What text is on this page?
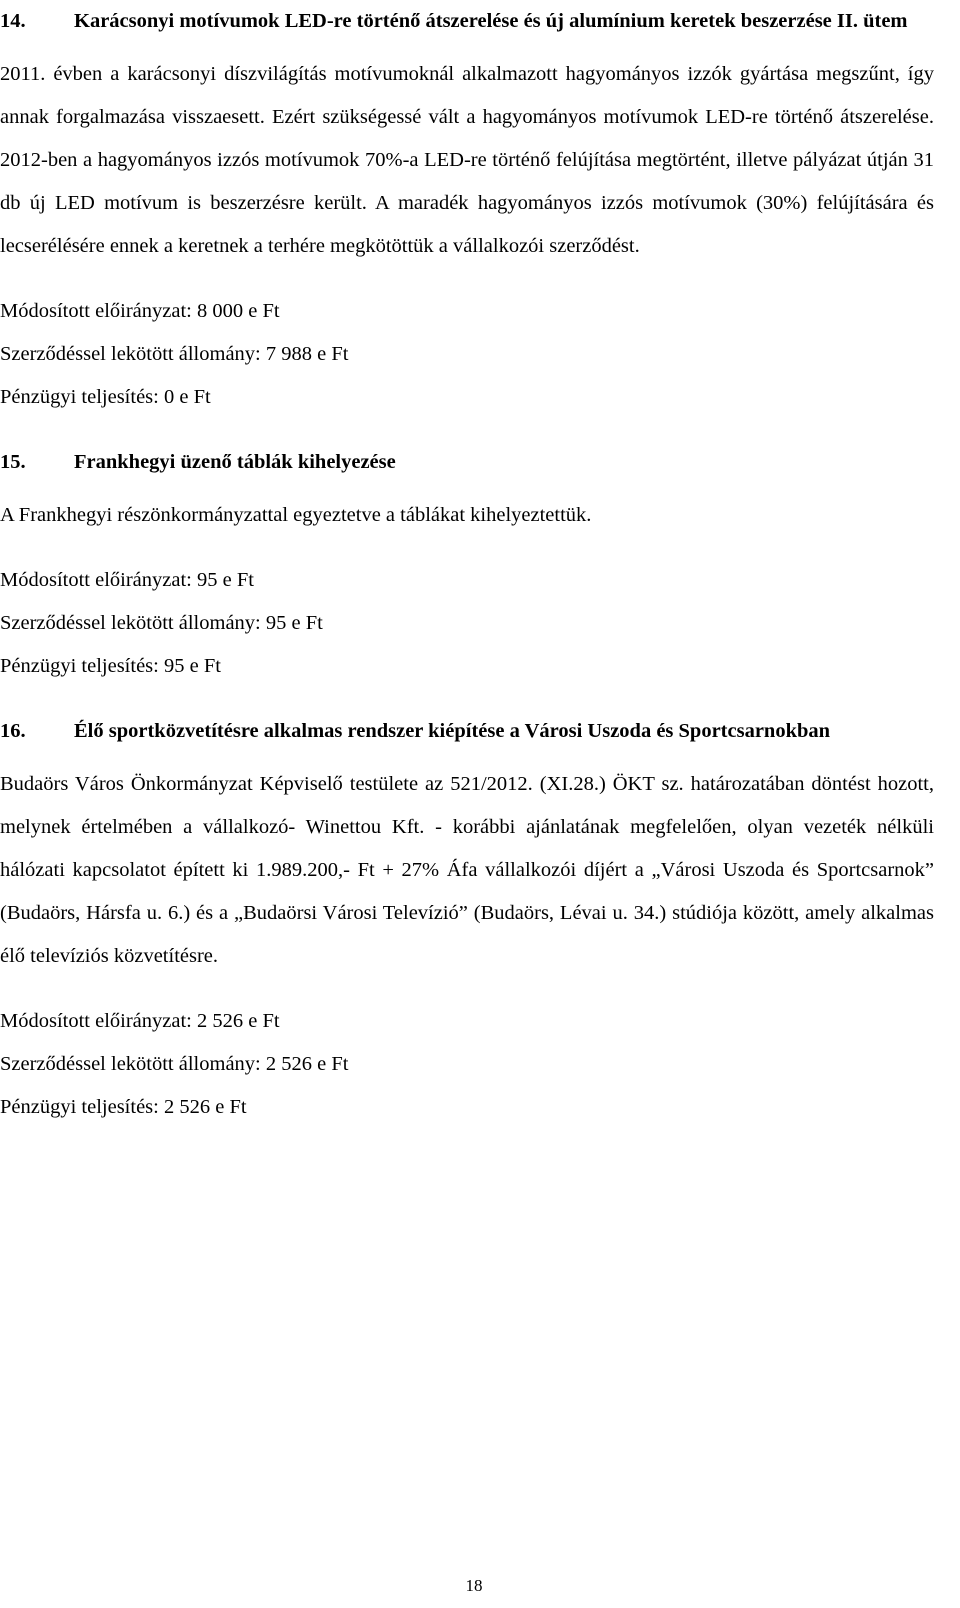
14.	Karácsonyi motívumok LED-re történő átszerelése és új alumínium keretek beszerzése II. ütem

2011. évben a karácsonyi díszvilágítás motívumoknál alkalmazott hagyományos izzók gyártása megszűnt, így annak forgalmazása visszaesett. Ezért szükségessé vált a hagyományos motívumok LED-re történő átszerelése. 2012-ben a hagyományos izzós motívumok 70%-a LED-re történő felújítása megtörtént, illetve pályázat útján 31 db új LED motívum is beszerzésre került. A maradék hagyományos izzós motívumok (30%) felújítására és lecserélésére ennek a keretnek a terhére megkötöttük a vállalkozói szerződést.

Módosított előirányzat: 8 000 e Ft

Szerződéssel lekötött állomány: 7 988 e Ft

Pénzügyi teljesítés: 0 e Ft

15.	Frankhegyi üzenő táblák kihelyezése

A Frankhegyi részönkormányzattal egyeztetve a táblákat kihelyeztettük.

Módosított előirányzat: 95 e Ft

Szerződéssel lekötött állomány: 95 e Ft

Pénzügyi teljesítés: 95 e Ft

16.	Élő sportközvetítésre alkalmas rendszer kiépítése a Városi Uszoda és Sportcsarnokban

Budaörs Város Önkormányzat Képviselő testülete az 521/2012. (XI.28.) ÖKT sz. határozatában döntést hozott, melynek értelmében a vállalkozó- Winettou Kft. - korábbi ajánlatának megfelelően, olyan vezeték nélküli hálózati kapcsolatot épített ki 1.989.200,- Ft + 27% Áfa vállalkozói díjért a „Városi Uszoda és Sportcsarnok” (Budaörs, Hársfa u. 6.) és a „Budaörsi Városi Televízió” (Budaörs, Lévai u. 34.) stúdiója között, amely alkalmas élő televíziós közvetítésre.

Módosított előirányzat: 2 526 e Ft

Szerződéssel lekötött állomány: 2 526 e Ft

Pénzügyi teljesítés: 2 526 e Ft

18
